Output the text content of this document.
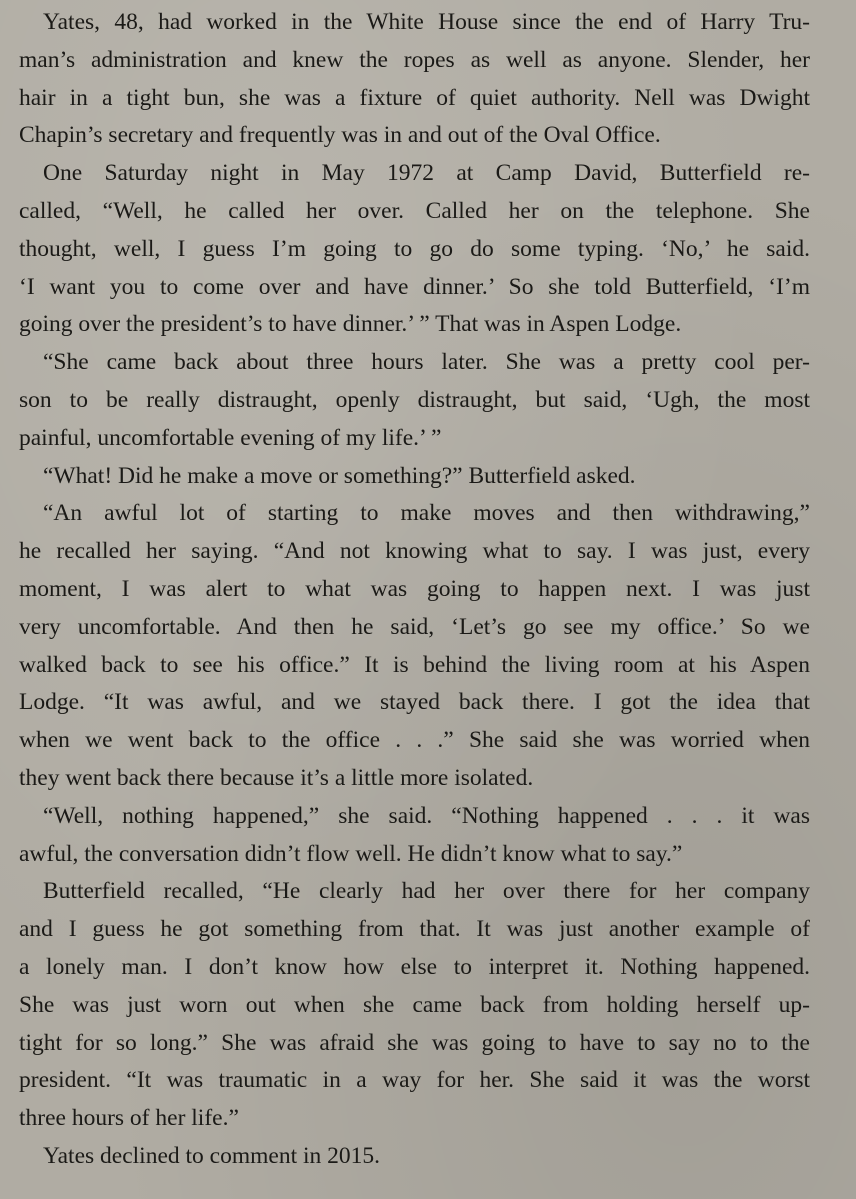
Yates, 48, had worked in the White House since the end of Harry Tru-
man’s administration and knew the ropes as well as anyone. Slender, her
hair in a tight bun, she was a fixture of quiet authority. Nell was Dwight
Chapin’s secretary and frequently was in and out of the Oval Office.
One Saturday night in May 1972 at Camp David, Butterfield re-
called, “Well, he called her over. Called her on the telephone. She
thought, well, I guess I’m going to go do some typing. ‘No,’ he said.
‘I want you to come over and have dinner.’ So she told Butterfield, ‘I’m
going over the president’s to have dinner.’ ” That was in Aspen Lodge.
“She came back about three hours later. She was a pretty cool per-
son to be really distraught, openly distraught, but said, ‘Ugh, the most
painful, uncomfortable evening of my life.’ ”
“What! Did he make a move or something?” Butterfield asked.
“An awful lot of starting to make moves and then withdrawing,”
he recalled her saying. “And not knowing what to say. I was just, every
moment, I was alert to what was going to happen next. I was just
very uncomfortable. And then he said, ‘Let’s go see my office.’ So we
walked back to see his office.” It is behind the living room at his Aspen
Lodge. “It was awful, and we stayed back there. I got the idea that
when we went back to the office . . .” She said she was worried when
they went back there because it’s a little more isolated.
“Well, nothing happened,” she said. “Nothing happened . . . it was
awful, the conversation didn’t flow well. He didn’t know what to say.”
Butterfield recalled, “He clearly had her over there for her company
and I guess he got something from that. It was just another example of
a lonely man. I don’t know how else to interpret it. Nothing happened.
She was just worn out when she came back from holding herself up-
tight for so long.” She was afraid she was going to have to say no to the
president. “It was traumatic in a way for her. She said it was the worst
three hours of her life.”
Yates declined to comment in 2015.
